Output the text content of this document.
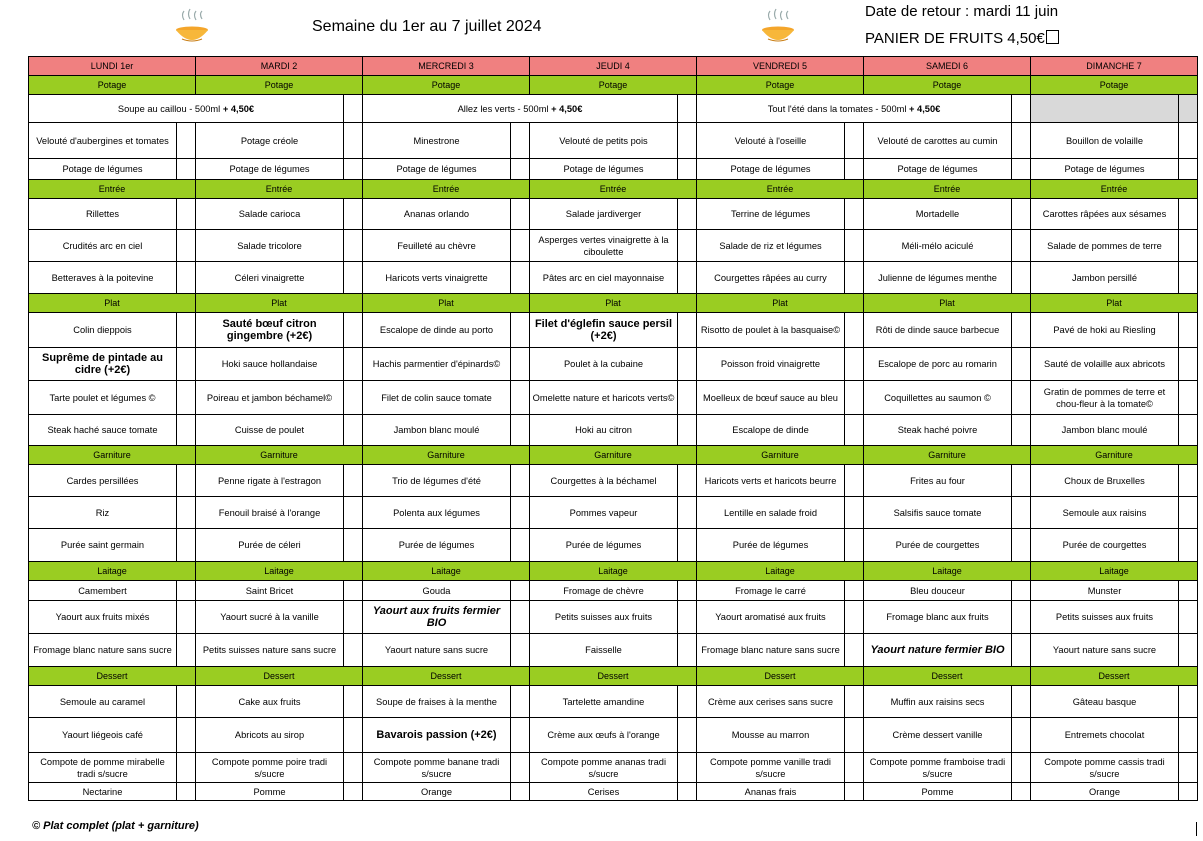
Semaine du 1er au 7 juillet 2024
Date de retour : mardi 11 juin
PANIER DE FRUITS 4,50€
LUNDI 1er		MARDI 2		MERCREDI 3		JEUDI 4		VENDREDI 5		SAMEDI 6		DIMANCHE 7	
Potage		Potage		Potage		Potage		Potage		Potage		Potage	
Soupe au caillou - 500ml + 4,50€				Allez les verts - 500ml + 4,50€				Tout l'été dans la tomates - 500ml + 4,50€					
Velouté d'aubergines et tomates		Potage créole		Minestrone		Velouté de petits pois		Velouté à l'oseille		Velouté de carottes au cumin		Bouillon de volaille	
Potage de légumes		Potage de légumes		Potage de légumes		Potage de légumes		Potage de légumes		Potage de légumes		Potage de légumes	
Entrée		Entrée		Entrée		Entrée		Entrée		Entrée		Entrée	
Rillettes		Salade carioca		Ananas orlando		Salade jardiverger		Terrine de légumes		Mortadelle		Carottes râpées aux sésames	
Crudités arc en ciel		Salade tricolore		Feuilleté au chèvre		Asperges vertes vinaigrette à la ciboulette		Salade de riz et légumes		Méli-mélo aciculé		Salade de pommes de terre	
Betteraves à la poitevine		Céleri vinaigrette		Haricots verts vinaigrette		Pâtes arc en ciel mayonnaise		Courgettes râpées au curry		Julienne de légumes menthe		Jambon persillé	
Plat		Plat		Plat		Plat		Plat		Plat		Plat	
Colin dieppois		Sauté bœuf citron gingembre (+2€)		Escalope de dinde au porto		Filet d'églefin sauce persil (+2€)		Risotto de poulet à la basquaise©		Rôti de dinde sauce barbecue		Pavé de hoki au Riesling	
Suprême de pintade au cidre (+2€)		Hoki sauce hollandaise		Hachis parmentier d'épinards©		Poulet à la cubaine		Poisson froid vinaigrette		Escalope de porc au romarin		Sauté de volaille aux abricots	
Tarte poulet et légumes ©		Poireau et jambon béchamel©		Filet de colin sauce tomate		Omelette nature et haricots verts©		Moelleux de bœuf sauce au bleu		Coquillettes au saumon ©		Gratin de pommes de terre et chou-fleur à la tomate©	
Steak haché sauce tomate		Cuisse de poulet		Jambon blanc moulé		Hoki au citron		Escalope de dinde		Steak haché poivre		Jambon blanc moulé	
Garniture		Garniture		Garniture		Garniture		Garniture		Garniture		Garniture	
Cardes persillées		Penne rigate à l'estragon		Trio de légumes d'été		Courgettes à la béchamel		Haricots verts et haricots beurre		Frites au four		Choux de Bruxelles	
Riz		Fenouil braisé à l'orange		Polenta aux légumes		Pommes vapeur		Lentille en salade froid		Salsifis sauce tomate		Semoule aux raisins	
Purée saint germain		Purée de céleri		Purée de légumes		Purée de légumes		Purée de légumes		Purée de courgettes		Purée de courgettes	
Laitage		Laitage		Laitage		Laitage		Laitage		Laitage		Laitage	
Camembert		Saint Bricet		Gouda		Fromage de chèvre		Fromage le carré		Bleu douceur		Munster	
Yaourt aux fruits mixés		Yaourt sucré à la vanille		Yaourt aux fruits fermier BIO		Petits suisses aux fruits		Yaourt aromatisé aux fruits		Fromage blanc aux fruits		Petits suisses aux fruits	
Fromage blanc nature sans sucre		Petits suisses nature sans sucre		Yaourt nature sans sucre		Faisselle		Fromage blanc nature sans sucre		Yaourt nature fermier BIO		Yaourt nature sans sucre	
Dessert		Dessert		Dessert		Dessert		Dessert		Dessert		Dessert	
Semoule au caramel		Cake aux fruits		Soupe de fraises à la menthe		Tartelette amandine		Crème aux cerises sans sucre		Muffin aux raisins secs		Gâteau basque	
Yaourt liégeois café		Abricots au sirop		Bavarois passion (+2€)		Crème aux œufs à l'orange		Mousse au marron		Crème dessert vanille		Entremets chocolat	
Compote de pomme mirabelle tradi s/sucre		Compote pomme poire tradi s/sucre		Compote pomme banane tradi s/sucre		Compote pomme ananas tradi s/sucre		Compote pomme vanille tradi s/sucre		Compote pomme framboise tradi s/sucre		Compote pomme cassis tradi s/sucre	
Nectarine		Pomme		Orange		Cerises		Ananas frais		Pomme		Orange	
© Plat complet (plat + garniture)
